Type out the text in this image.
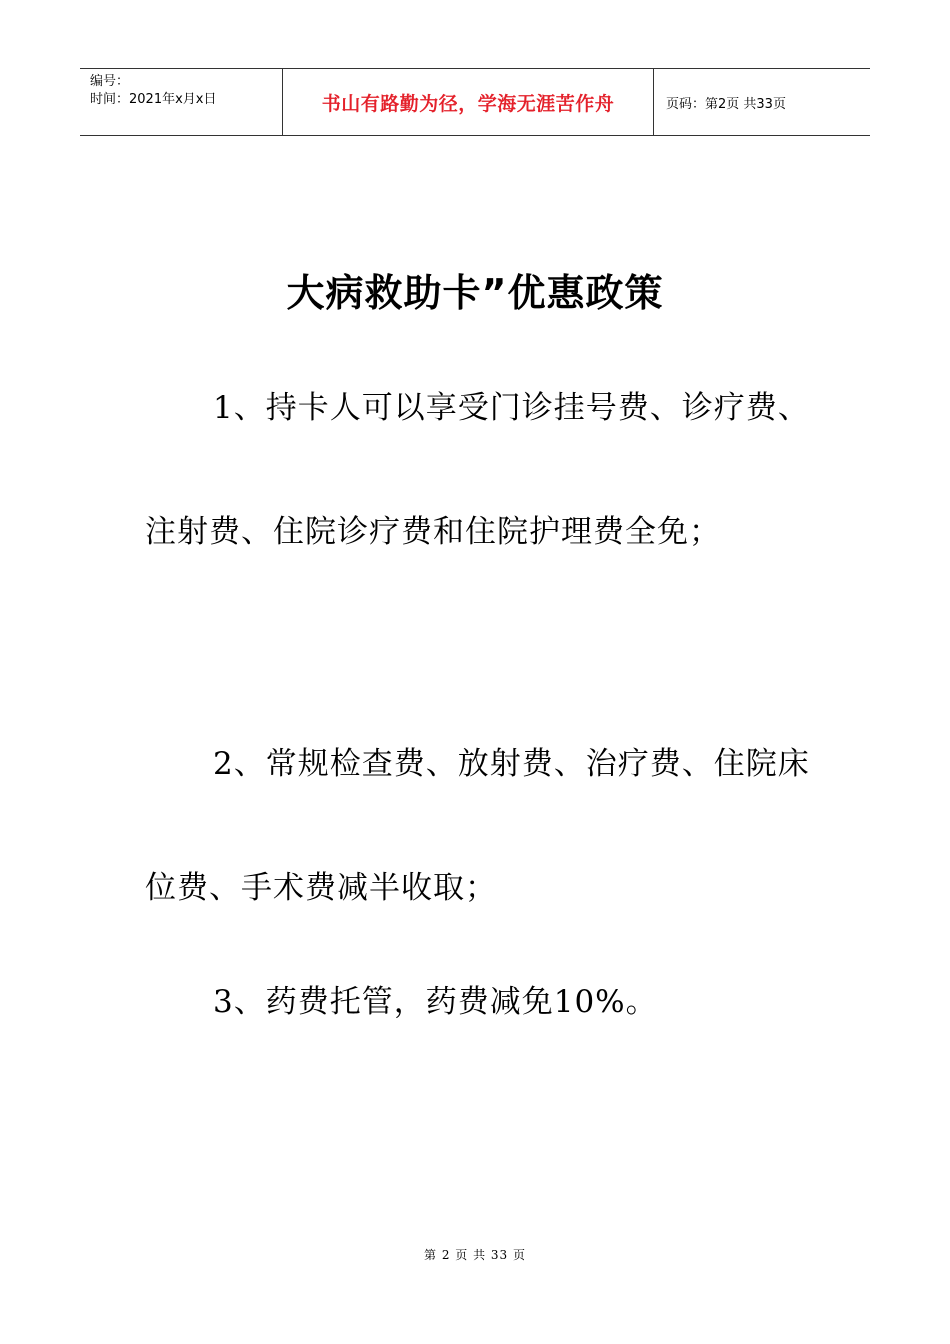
编号：
时间：2021年x月x日	书山有路勤为径，学海无涯苦作舟	页码：第2页 共33页
大病救助卡”优惠政策
1、持卡人可以享受门诊挂号费、诊疗费、注射费、住院诊疗费和住院护理费全免；
2、常规检查费、放射费、治疗费、住院床位费、手术费减半收取；
3、药费托管，药费减免10%。
第 2 页 共 33 页
